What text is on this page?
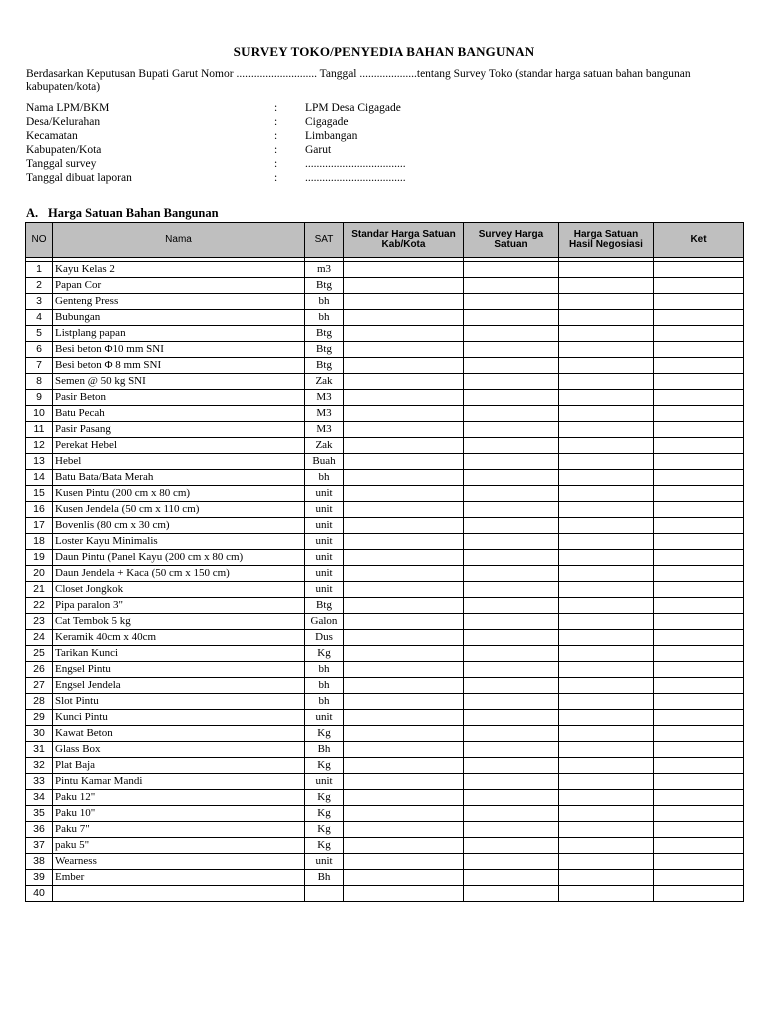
SURVEY TOKO/PENYEDIA BAHAN BANGUNAN
Berdasarkan Keputusan Bupati Garut Nomor ............................ Tanggal ....................tentang Survey Toko (standar harga satuan bahan bangunan kabupaten/kota)
Nama LPM/BKM	:	LPM Desa Cigagade
Desa/Kelurahan	:	Cigagade
Kecamatan	:	Limbangan
Kabupaten/Kota	:	Garut
Tanggal survey	:	...................................
Tanggal dibuat laporan	:	...................................
A. Harga Satuan Bahan Bangunan
NO	Nama	SAT	Standar Harga Satuan Kab/Kota	Survey Harga Satuan	Harga Satuan Hasil Negosiasi	Ket

1	Kayu Kelas 2	m3				
2	Papan Cor	Btg				
3	Genteng Press	bh				
4	Bubungan	bh				
5	Listplang papan	Btg				
6	Besi beton Φ10 mm SNI	Btg				
7	Besi beton Φ 8 mm SNI	Btg				
8	Semen @ 50 kg SNI	Zak				
9	Pasir Beton	M3				
10	Batu Pecah	M3				
11	Pasir Pasang	M3				
12	Perekat Hebel	Zak				
13	Hebel	Buah				
14	Batu Bata/Bata Merah	bh				
15	Kusen Pintu (200 cm x 80 cm)	unit				
16	Kusen Jendela (50 cm x 110 cm)	unit				
17	Bovenlis (80 cm x 30 cm)	unit				
18	Loster Kayu Minimalis	unit				
19	Daun Pintu (Panel Kayu (200 cm x 80 cm)	unit				
20	Daun Jendela + Kaca (50 cm x 150 cm)	unit				
21	Closet Jongkok	unit				
22	Pipa paralon 3"	Btg				
23	Cat Tembok 5 kg	Galon				
24	Keramik 40cm x 40cm	Dus				
25	Tarikan Kunci	Kg				
26	Engsel Pintu	bh				
27	Engsel Jendela	bh				
28	Slot Pintu	bh				
29	Kunci Pintu	unit				
30	Kawat Beton	Kg				
31	Glass Box	Bh				
32	Plat Baja	Kg				
33	Pintu Kamar Mandi	unit				
34	Paku 12"	Kg				
35	Paku 10"	Kg				
36	Paku 7"	Kg				
37	paku 5"	Kg				
38	Wearness	unit				
39	Ember	Bh				
40						
